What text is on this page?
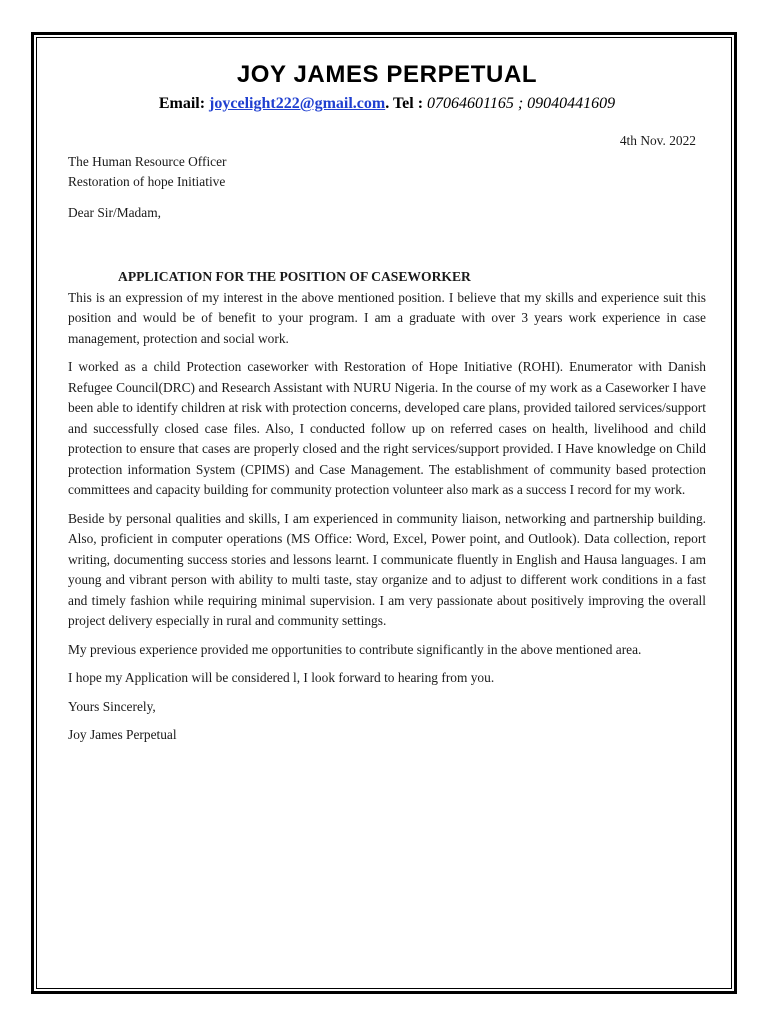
JOY JAMES PERPETUAL
Email: joycelight222@gmail.com. Tel : 07064601165 ; 09040441609
4th Nov. 2022
The Human Resource Officer
Restoration of hope Initiative
Dear Sir/Madam,
APPLICATION FOR THE POSITION OF CASEWORKER

This is an expression of my interest in the above mentioned position. I believe that my skills and experience suit this position and would be of benefit to your program. I am a graduate with over 3 years work experience in case management, protection and social work.

I worked as a child Protection caseworker with Restoration of Hope Initiative (ROHI). Enumerator with Danish Refugee Council(DRC) and Research Assistant with NURU Nigeria. In the course of my work as a Caseworker I have been able to identify children at risk with protection concerns, developed care plans, provided tailored services/support and successfully closed case files. Also, I conducted follow up on referred cases on health, livelihood and child protection to ensure that cases are properly closed and the right services/support provided. I Have knowledge on Child protection information System (CPIMS) and Case Management. The establishment of community based protection committees and capacity building for community protection volunteer also mark as a success I record for my work.

Beside by personal qualities and skills, I am experienced in community liaison, networking and partnership building. Also, proficient in computer operations (MS Office: Word, Excel, Power point, and Outlook). Data collection, report writing, documenting success stories and lessons learnt. I communicate fluently in English and Hausa languages. I am young and vibrant person with ability to multi taste, stay organize and to adjust to different work conditions in a fast and timely fashion while requiring minimal supervision. I am very passionate about positively improving the overall project delivery especially in rural and community settings.

My previous experience provided me opportunities to contribute significantly in the above mentioned area.

I hope my Application will be considered l, I look forward to hearing from you.

Yours Sincerely,
Joy James Perpetual
